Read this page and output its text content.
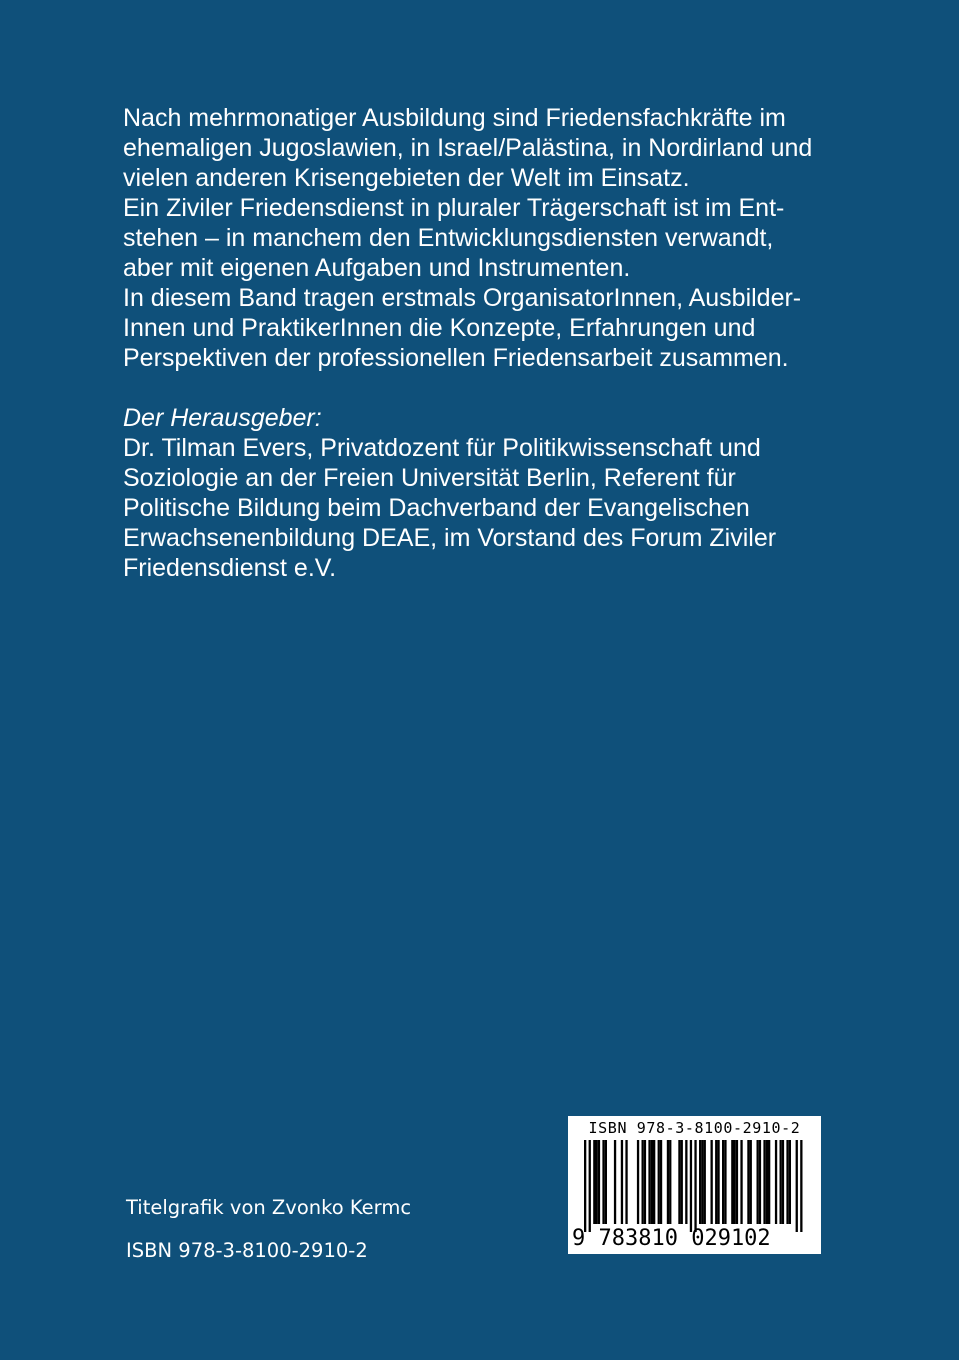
Nach mehrmonatiger Ausbildung sind Friedensfachkräfte im

ehemaligen Jugoslawien, in Israel/Palästina, in Nordirland und

vielen anderen Krisengebieten der Welt im Einsatz.

Ein Ziviler Friedensdienst in pluraler Trägerschaft ist im Ent-

stehen – in manchem den Entwicklungsdiensten verwandt,

aber mit eigenen Aufgaben und Instrumenten.

In diesem Band tragen erstmals OrganisatorInnen, Ausbilder-

Innen und PraktikerInnen die Konzepte, Erfahrungen und

Perspektiven der professionellen Friedensarbeit zusammen.

Der Herausgeber:

Dr. Tilman Evers, Privatdozent für Politikwissenschaft und

Soziologie an der Freien Universität Berlin, Referent für

Politische Bildung beim Dachverband der Evangelischen

Erwachsenenbildung DEAE, im Vorstand des Forum Ziviler

Friedensdienst e.V.

Titelgrafik von Zvonko Kermc
ISBN 978-3-8100-2910-2
ISBN 978-3-8100-2910-2
9 783810 029102
